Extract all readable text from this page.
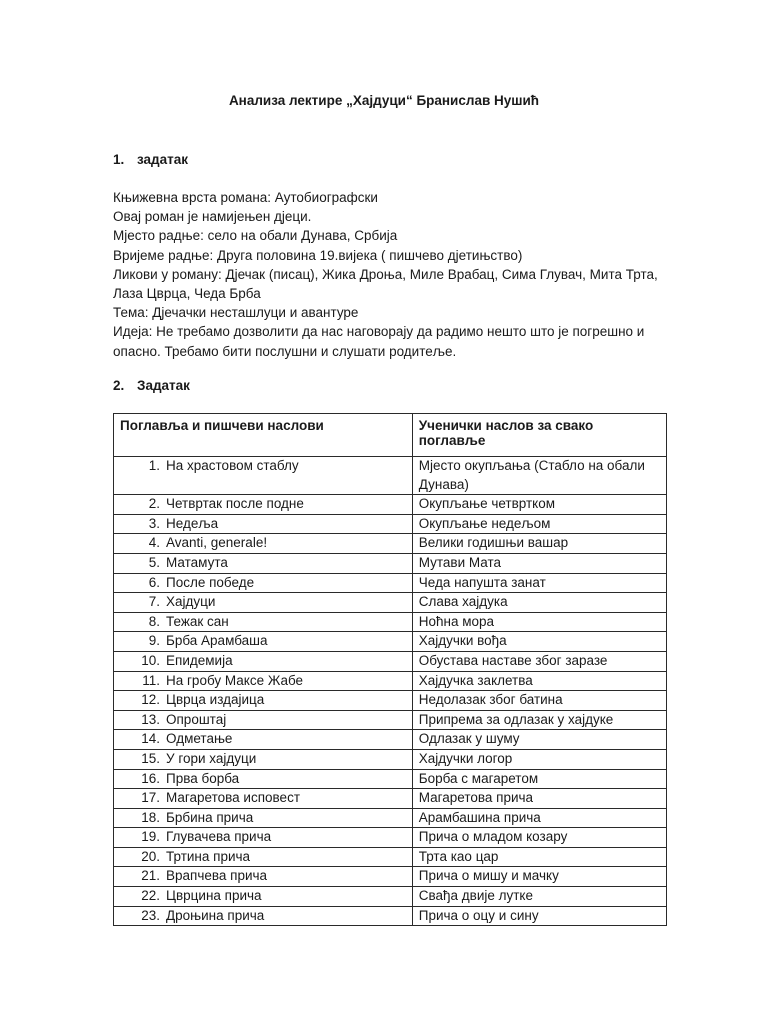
Анализа лектире „Хајдуци“ Бранислав Нушић
1. задатак
Књижевна врста романа: Аутобиографски
Овај роман је намијењен дјеци.
Мјесто радње: село на обали Дунава, Србија
Вријеме радње: Друга половина 19.вијека ( пишчево дјетињство)
Ликови у роману: Дјечак (писац), Жика Дроња, Миле Врабац, Сима Глувач, Мита Трта, Лаза Цврца, Чеда Брба
Тема: Дјечачки несташлуци и авантуре
Идеја: Не требамо дозволити да нас наговорају да радимо нешто што је погрешно и опасно. Требамо бити послушни и слушати родитеље.
2. Задатак
Поглавља и пишчеви наслови	Ученички наслов за свако поглавље
1. На храстовом стаблу	Мјесто окупљања (Стабло на обали Дунава)
2. Четвртак после подне	Окупљање четвртком
3. Недеља	Окупљање недељом
4. Avanti, generale!	Велики годишњи вашар
5. Матамута	Мутави Мата
6. После победе	Чеда напушта занат
7. Хајдуци	Слава хајдука
8. Тежак сан	Ноћна мора
9. Брба Арамбаша	Хајдучки вођа
10. Епидемија	Обустава наставе због заразе
11. На гробу Максе Жабе	Хајдучка заклетва
12. Цврца издајица	Недолазак због батина
13. Опроштај	Припрема за одлазак у хајдуке
14. Одметање	Одлазак у шуму
15. У гори хајдуци	Хајдучки логор
16. Прва борба	Борба с магаретом
17. Магаретова исповест	Магаретова прича
18. Брбина прича	Арамбашина прича
19. Глувачева прича	Прича о младом козару
20. Тртина прича	Трта као цар
21. Врапчева прича	Прича о мишу и мачку
22. Цврцина прича	Свађа двије лутке
23. Дроњина прича	Прича о оцу и сину
